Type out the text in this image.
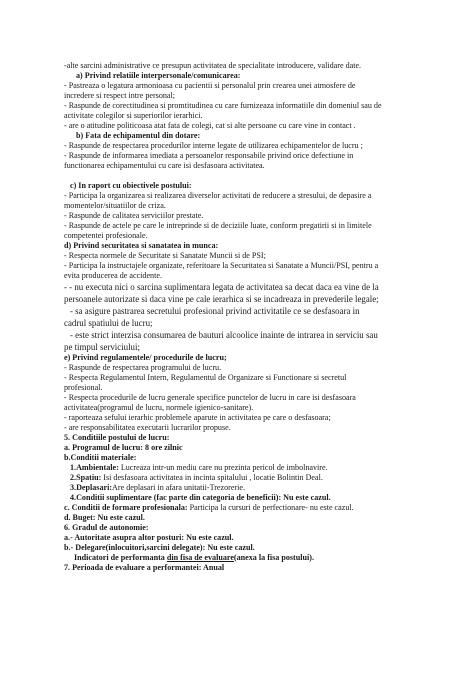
-alte sarcini administrative ce presupun activitatea de specialitate introducere, validare date.
a) Privind relatiile interpersonale/comunicarea:
- Pastreaza o legatura armonioasa cu pacientii si personalul prin crearea unei atmosfere de
incredere si respect intre personal;
- Raspunde de corectitudinea si promtitudinea cu care furnizeaza informatiile din domeniul sau de
activitate colegilor si superiorilor ierarhici.
- are o atitudine politicoasa atat fata de colegi, cat si alte persoane cu care vine in contact .
b) Fata de echipamentul din dotare:
- Raspunde de respectarea procedurilor interne legate de utilizarea echipamentelor de lucru ;
- Raspunde de informarea imediata a persoanelor responsabile privind orice defectiune in
functionarea echipamentului cu care isi desfasoara activitatea.
c) In raport cu obiectivele postului:
- Participa la organizarea si realizarea diverselor activitati de reducere a stresului, de depasire a
momentelor/situatiilor de criza.
- Raspunde de calitatea serviciilor prestate.
- Raspunde de actele pe care le intreprinde si de deciziile luate, conform pregatirii si in limitele
competentei profesionale.
d) Privind securitatea si sanatatea in munca:
- Respecta normele de Securitate si Sanatate Muncii si de PSI;
- Participa la instructajele organizate, referitoare la Securitatea si Sanatate a Muncii/PSI, pentru a
evita producerea de accidente.
- - nu executa nici o sarcina suplimentara legata de activitatea sa decat daca ea vine de la
persoanele autorizate si daca vine pe cale ierarhica si se incadreaza in prevederile legale;
- sa asigure pastrarea secretului profesional privind activitatile ce se desfasoara in
cadrul spatiului de lucru;
- este strict interzisa consumarea de bauturi alcoolice inainte de intrarea in serviciu sau
pe timpul serviciului;
e) Privind regulamentele/ procedurile de lucru;
- Raspunde de respectarea programului de lucru.
- Respecta Regulamentul Intern, Regulamentul de Organizare si Functionare si secretul
profesional.
- Respecta procedurile de lucru generale specifice punctelor de lucru in care isi desfasoara
activitatea(programul de lucru, normele igienico-sanitare).
- raporteaza sefului ierarhic problemele aparute in activitatea pe care o desfasoara;
- are responsabilitatea executarii lucrarilor propuse.
5. Conditiile postului de lucru:
a. Programul de lucru: 8 ore zilnic
b.Conditii materiale:
1.Ambientale: Lucreaza intr-un mediu care nu prezinta pericol de imbolnavire.
2.Spatiu: Isi desfasoara activitatea in incinta spitalului , locatie Bolintin Deal.
3.Deplasari:Are deplasari in afara unitatii-Trezorerie.
4.Conditii suplimentare (fac parte din categoria de beneficii): Nu este cazul.
c. Conditii de formare profesionala: Participa la cursuri de perfectionare- nu este cazul.
d. Buget: Nu este cazul.
6. Gradul de autonomie:
a.- Autoritate asupra altor posturi: Nu este cazul.
b.- Delegare(inlocuitori,sarcini delegate): Nu este cazul.
Indicatori de performanta din fisa de evaluare(anexa la fisa postului).
7. Perioada de evaluare a performantei: Anual
